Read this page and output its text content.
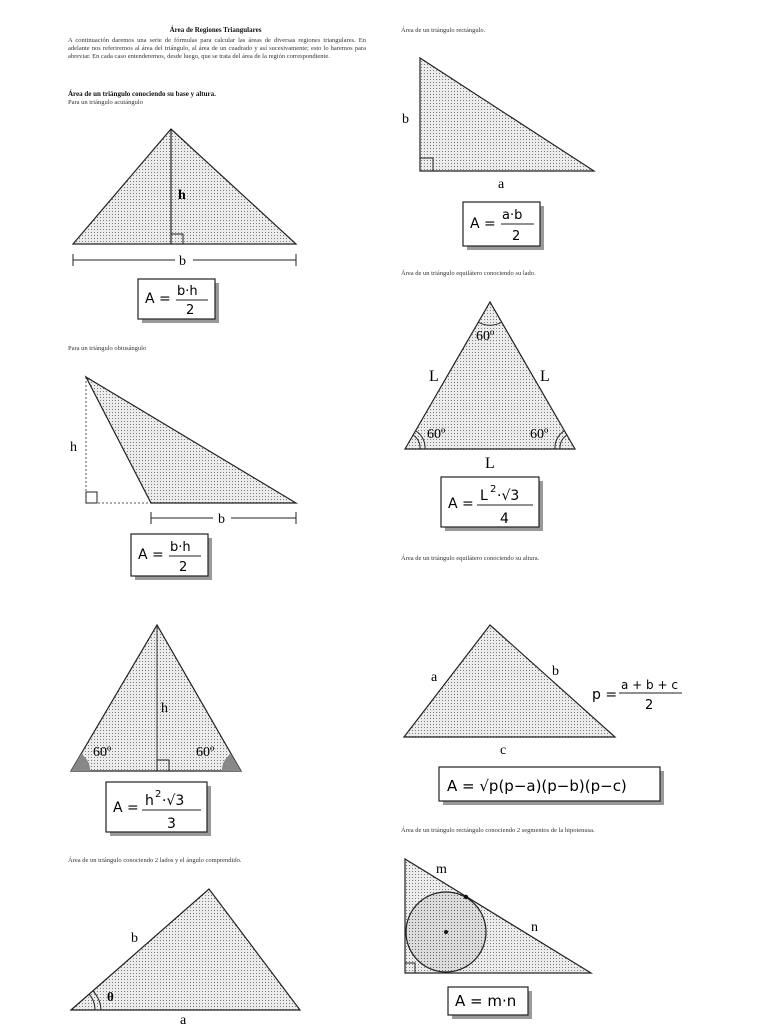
Área de Regiones Triangulares
A continuación daremos una serie de fórmulas para calcular las áreas de diversas regiones triangulares. En adelante nos referiremos al área del triángulo, al área de un cuadrado y así sucesivamente; esto lo haremos para abreviar. En cada caso entenderemos, desde luego, que se trata del área de la región correspondiente.
Área de un triángulo conociendo su base y altura.
Para un triángulo acutángulo
Para un triángulo obtusángulo
Área de un triángulo conociendo 2 lados y el ángulo comprendido.
Área de un triángulo rectángulo.
Área de un triángulo equilátero conociendo su lado.
Área de un triángulo equilátero conociendo su altura.
Área de un triángulo rectángulo conociendo 2 segmentos de la hipotenusa.
h
b
A = b·h
2
h
b
A = b·h
2
h
60º	60º
A = h 2 ·√3
3
θ
b
a
b
a
A =
a·b
2
60º
60º	60º
L	L
L
A = L 2 ·√3
4
a	b
c
p =
a + b + c
2
A = √p(p−a)(p−b)(p−c)
m
n
A = m·n
